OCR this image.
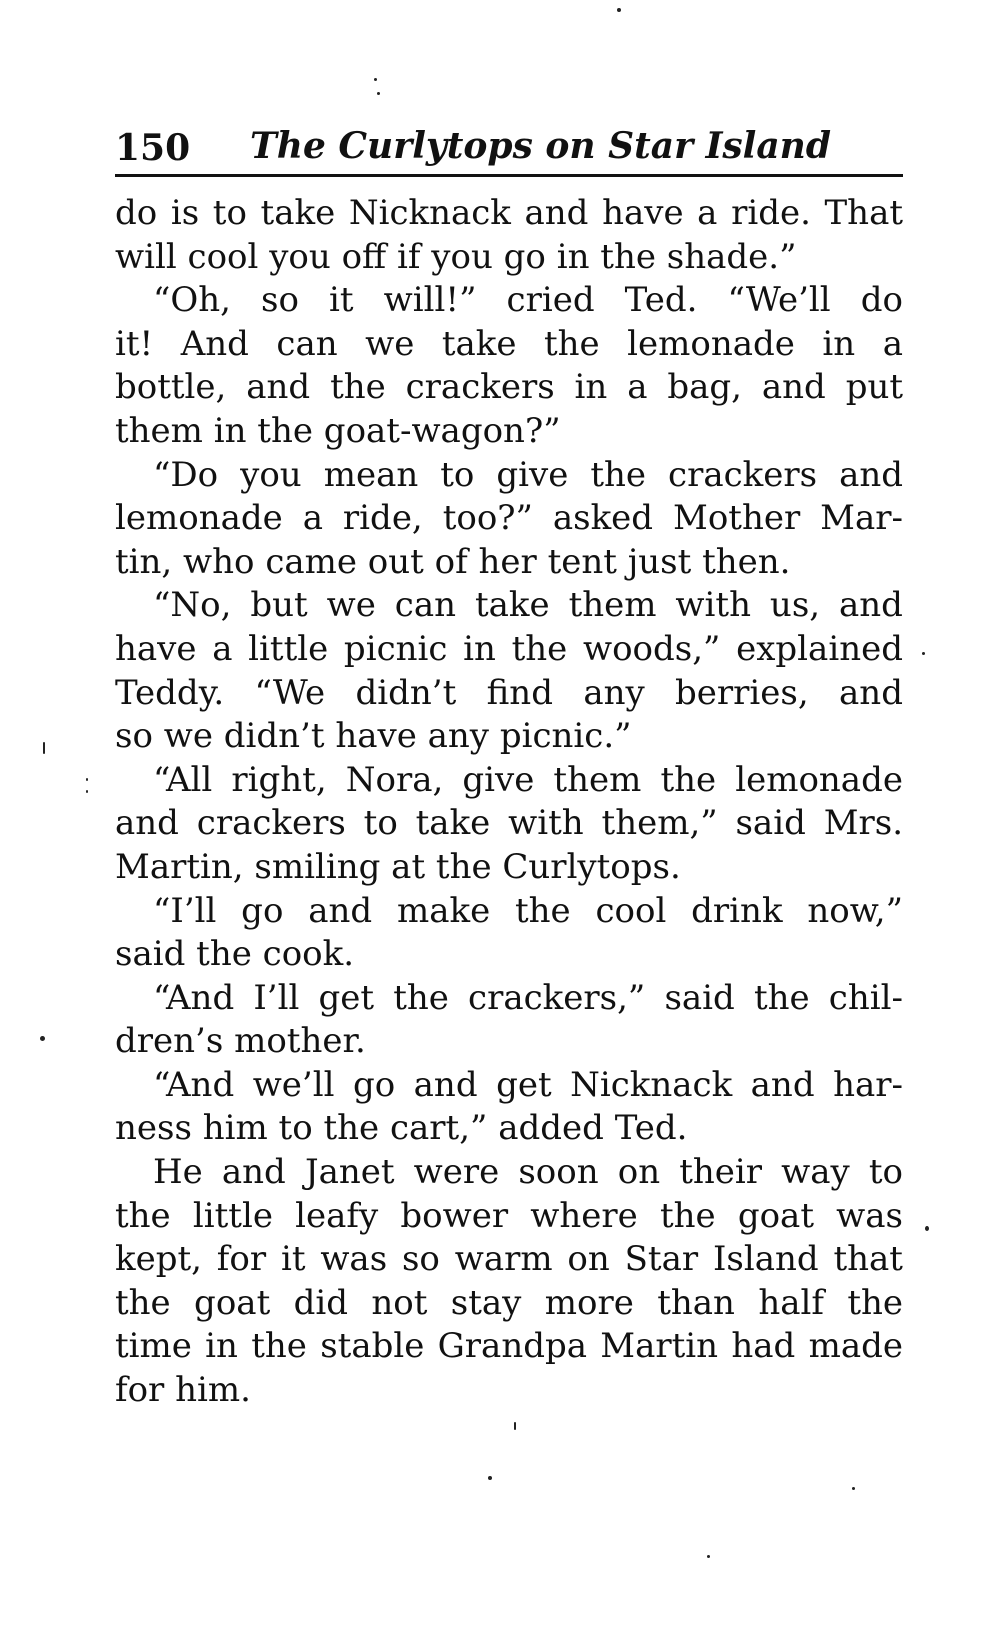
150 The Curlytops on Star Island
do is to take Nicknack and have a ride. That
will cool you off if you go in the shade.”
“Oh, so it will!” cried Ted. “We’ll do
it! And can we take the lemonade in a
bottle, and the crackers in a bag, and put
them in the goat-wagon?”
“Do you mean to give the crackers and
lemonade a ride, too?” asked Mother Mar-
tin, who came out of her tent just then.
“No, but we can take them with us, and
have a little picnic in the woods,” explained
Teddy. “We didn’t find any berries, and
so we didn’t have any picnic.”
“All right, Nora, give them the lemonade
and crackers to take with them,” said Mrs.
Martin, smiling at the Curlytops.
“I’ll go and make the cool drink now,”
said the cook.
“And I’ll get the crackers,” said the chil-
dren’s mother.
“And we’ll go and get Nicknack and har-
ness him to the cart,” added Ted.
He and Janet were soon on their way to
the little leafy bower where the goat was
kept, for it was so warm on Star Island that
the goat did not stay more than half the
time in the stable Grandpa Martin had made
for him.
